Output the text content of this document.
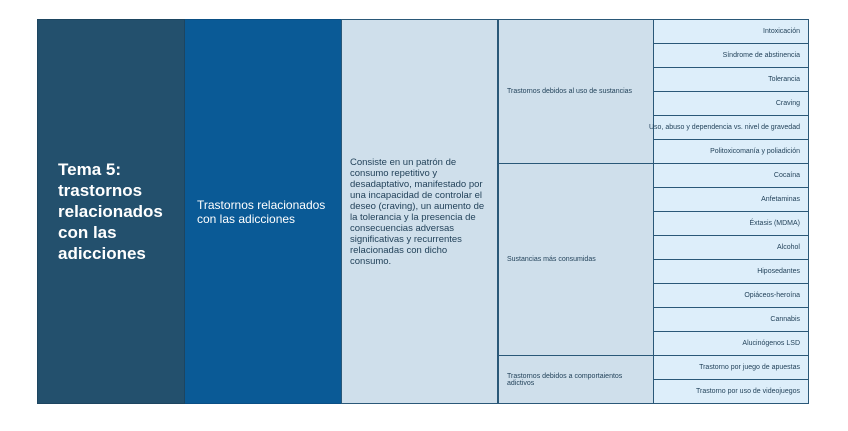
Tema 5: trastornos relacionados con las adicciones
Trastornos relacionados con las adicciones
Consiste en un patrón de consumo repetitivo y desadaptativo, manifestado por una incapacidad de controlar el deseo (craving), un aumento de la tolerancia y la presencia de consecuencias adversas significativas y recurrentes relacionadas con dicho consumo.
Trastornos debidos al uso de sustancias
Sustancias más consumidas
Trastornos debidos a comportaientos adictivos
Intoxicación
Síndrome de abstinencia
Tolerancia
Craving
Uso, abuso y dependencia vs. nivel de gravedad
Politoxicomanía y poliadición
Cocaína
Anfetaminas
Éxtasis (MDMA)
Alcohol
Hiposedantes
Opiáceos-heroína
Cannabis
Alucinógenos LSD
Trastorno por juego de apuestas
Trastorno por uso de videojuegos
